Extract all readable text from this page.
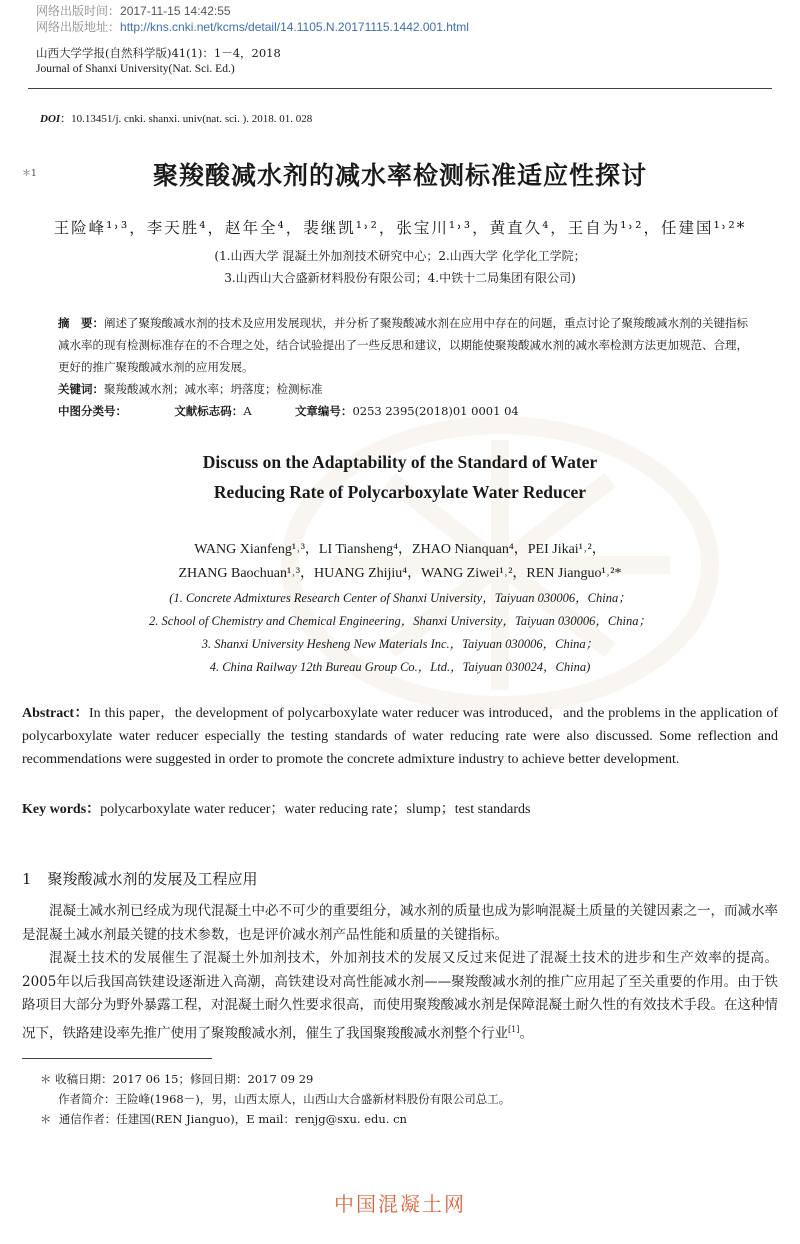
网络出版时间：2017-11-15 14:42:55
网络出版地址：http://kns.cnki.net/kcms/detail/14.1105.N.20171115.1442.001.html
山西大学学报(自然科学版)41(1)：1－4，2018
Journal of Shanxi University(Nat. Sci. Ed.)
DOI：10.13451/j. cnki. shanxi. univ(nat. sci. ). 2018. 01. 028
＊1	聚羧酸减水剂的减水率检测标准适应性探讨
王险峰¹˒³，李天胜⁴，赵年全⁴，裴继凯¹˒²，张宝川¹˒³，黄直久⁴，王自为¹˒²，任建国¹˒²*
(1.山西大学 混凝土外加剂技术研究中心；2.山西大学 化学化工学院；
3.山西山大合盛新材料股份有限公司；4.中铁十二局集团有限公司)
摘　要：阐述了聚羧酸减水剂的技术及应用发展现状，并分析了聚羧酸减水剂在应用中存在的问题，重点讨论了聚羧酸减水剂的关键指标　　减水率的现有检测标准存在的不合理之处，结合试验提出了一些反思和建议，以期能使聚羧酸减水剂的减水率检测方法更加规范、合理，更好的推广聚羧酸减水剂的应用发展。
关键词：聚羧酸减水剂；减水率；坍落度；检测标准
中图分类号：	文献标志码：A	文章编号：0253 2395(2018)01 0001 04
Discuss on the Adaptability of the Standard of Water
Reducing Rate of Polycarboxylate Water Reducer
WANG Xianfeng¹˒³，LI Tiansheng⁴，ZHAO Nianquan⁴，PEI Jikai¹˒²，
ZHANG Baochuan¹˒³，HUANG Zhijiu⁴，WANG Ziwei¹˒²，REN Jianguo¹˒²*
(1. Concrete Admixtures Research Center of Shanxi University，Taiyuan 030006，China；
2. School of Chemistry and Chemical Engineering，Shanxi University，Taiyuan 030006，China；
3. Shanxi University Hesheng New Materials Inc.，Taiyuan 030006，China；
4. China Railway 12th Bureau Group Co.，Ltd.，Taiyuan 030024，China)
Abstract：In this paper，the development of polycarboxylate water reducer was introduced，and the problems in the application of polycarboxylate water reducer especially the testing standards of water reducing rate were also discussed. Some reflection and recommendations were suggested in order to promote the concrete admixture industry to achieve better development.
Key words：polycarboxylate water reducer；water reducing rate；slump；test standards
1 聚羧酸减水剂的发展及工程应用
混凝土减水剂已经成为现代混凝土中必不可少的重要组分，减水剂的质量也成为影响混凝土质量的关键因素之一，而减水率是混凝土减水剂最关键的技术参数，也是评价减水剂产品性能和质量的关键指标。
混凝土技术的发展催生了混凝土外加剂技术，外加剂技术的发展又反过来促进了混凝土技术的进步和生产效率的提高。2005年以后我国高铁建设逐渐进入高潮，高铁建设对高性能减水剂——聚羧酸减水剂的推广应用起了至关重要的作用。由于铁路项目大部分为野外暴露工程，对混凝土耐久性要求很高，而使用聚羧酸减水剂是保障混凝土耐久性的有效技术手段。在这种情况下，铁路建设率先推广使用了聚羧酸减水剂，催生了我国聚羧酸减水剂整个行业[1]。
＊ 收稿日期：2017 06 15；修回日期：2017 09 29
作者简介：王险峰(1968－)，男，山西太原人，山西山大合盛新材料股份有限公司总工。
＊ 通信作者：任建国(REN Jianguo)，E mail：renjg@sxu. edu. cn
中国混凝土网
